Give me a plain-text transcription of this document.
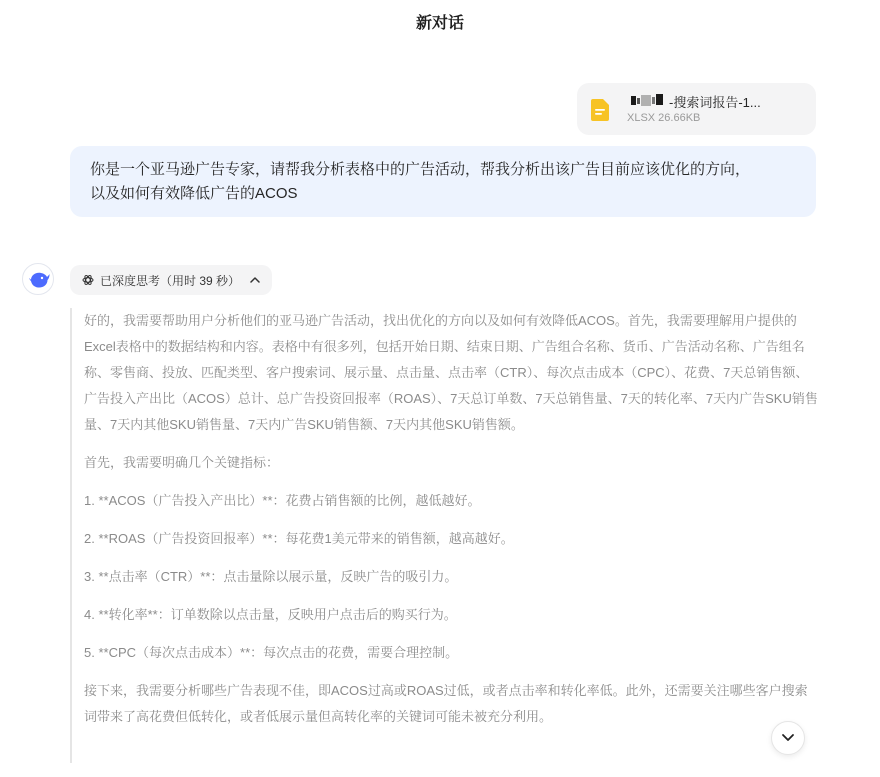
新对话
-搜索词报告-1...
XLSX 26.66KB
你是一个亚马逊广告专家，请帮我分析表格中的广告活动，帮我分析出该广告目前应该优化的方向，
以及如何有效降低广告的ACOS
已深度思考（用时 39 秒）

好的，我需要帮助用户分析他们的亚马逊广告活动，找出优化的方向以及如何有效降低ACOS。首先，我需要理解用户提供的Excel表格中的数据结构和内容。表格中有很多列，包括开始日期、结束日期、广告组合名称、货币、广告活动名称、广告组名称、零售商、投放、匹配类型、客户搜索词、展示量、点击量、点击率（CTR）、每次点击成本（CPC）、花费、7天总销售额、广告投入产出比（ACOS）总计、总广告投资回报率（ROAS）、7天总订单数、7天总销售量、7天的转化率、7天内广告SKU销售量、7天内其他SKU销售量、7天内广告SKU销售额、7天内其他SKU销售额。

首先，我需要明确几个关键指标：

1. **ACOS（广告投入产出比）**：花费占销售额的比例，越低越好。

2. **ROAS（广告投资回报率）**：每花费1美元带来的销售额，越高越好。

3. **点击率（CTR）**：点击量除以展示量，反映广告的吸引力。

4. **转化率**：订单数除以点击量，反映用户点击后的购买行为。

5. **CPC（每次点击成本）**：每次点击的花费，需要合理控制。

接下来，我需要分析哪些广告表现不佳，即ACOS过高或ROAS过低，或者点击率和转化率低。此外，还需要关注哪些客户搜索词带来了高花费但低转化，或者低展示量但高转化率的关键词可能未被充分利用。
